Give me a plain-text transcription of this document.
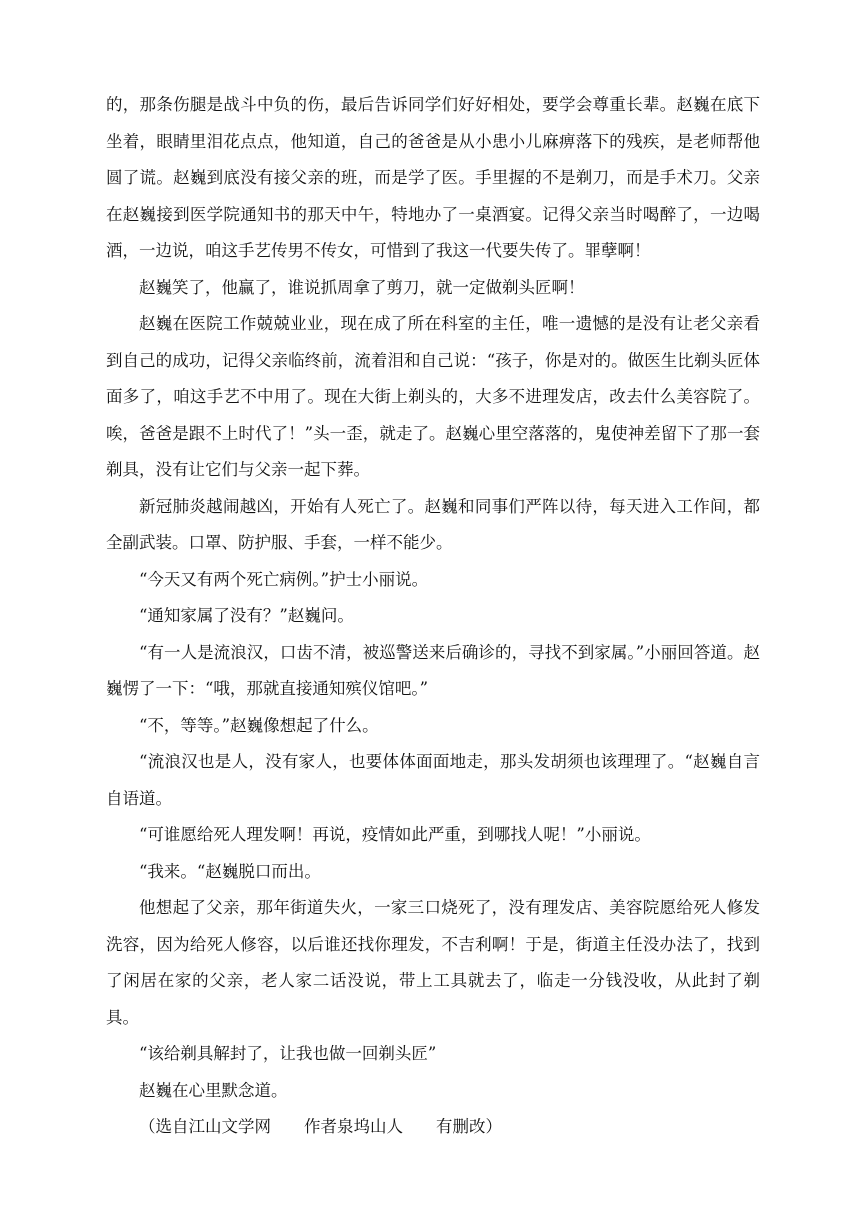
的，那条伤腿是战斗中负的伤，最后告诉同学们好好相处，要学会尊重长辈。赵巍在底下坐着，眼睛里泪花点点，他知道，自己的爸爸是从小患小儿麻痹落下的残疾，是老师帮他圆了谎。赵巍到底没有接父亲的班，而是学了医。手里握的不是剃刀，而是手术刀。父亲在赵巍接到医学院通知书的那天中午，特地办了一桌酒宴。记得父亲当时喝醉了，一边喝酒，一边说，咱这手艺传男不传女，可惜到了我这一代要失传了。罪孽啊！

赵巍笑了，他赢了，谁说抓周拿了剪刀，就一定做剃头匠啊！

赵巍在医院工作兢兢业业，现在成了所在科室的主任，唯一遗憾的是没有让老父亲看到自己的成功，记得父亲临终前，流着泪和自己说：“孩子，你是对的。做医生比剃头匠体面多了，咱这手艺不中用了。现在大街上剃头的，大多不进理发店，改去什么美容院了。唉，爸爸是跟不上时代了！”头一歪，就走了。赵巍心里空落落的，鬼使神差留下了那一套剃具，没有让它们与父亲一起下葬。

新冠肺炎越闹越凶，开始有人死亡了。赵巍和同事们严阵以待，每天进入工作间，都全副武装。口罩、防护服、手套，一样不能少。

“今天又有两个死亡病例。”护士小丽说。

“通知家属了没有？”赵巍问。

“有一人是流浪汉，口齿不清，被巡警送来后确诊的，寻找不到家属。”小丽回答道。赵巍愣了一下：“哦，那就直接通知殡仪馆吧。”

“不，等等。”赵巍像想起了什么。

“流浪汉也是人，没有家人，也要体体面面地走，那头发胡须也该理理了。“赵巍自言自语道。

“可谁愿给死人理发啊！再说，疫情如此严重，到哪找人呢！”小丽说。

“我来。“赵巍脱口而出。

他想起了父亲，那年街道失火，一家三口烧死了，没有理发店、美容院愿给死人修发洗容，因为给死人修容，以后谁还找你理发，不吉利啊！于是，街道主任没办法了，找到了闲居在家的父亲，老人家二话没说，带上工具就去了，临走一分钱没收，从此封了剃具。

“该给剃具解封了，让我也做一回剃头匠”

赵巍在心里默念道。

（选自江山文学网　　作者泉坞山人　　有删改）
